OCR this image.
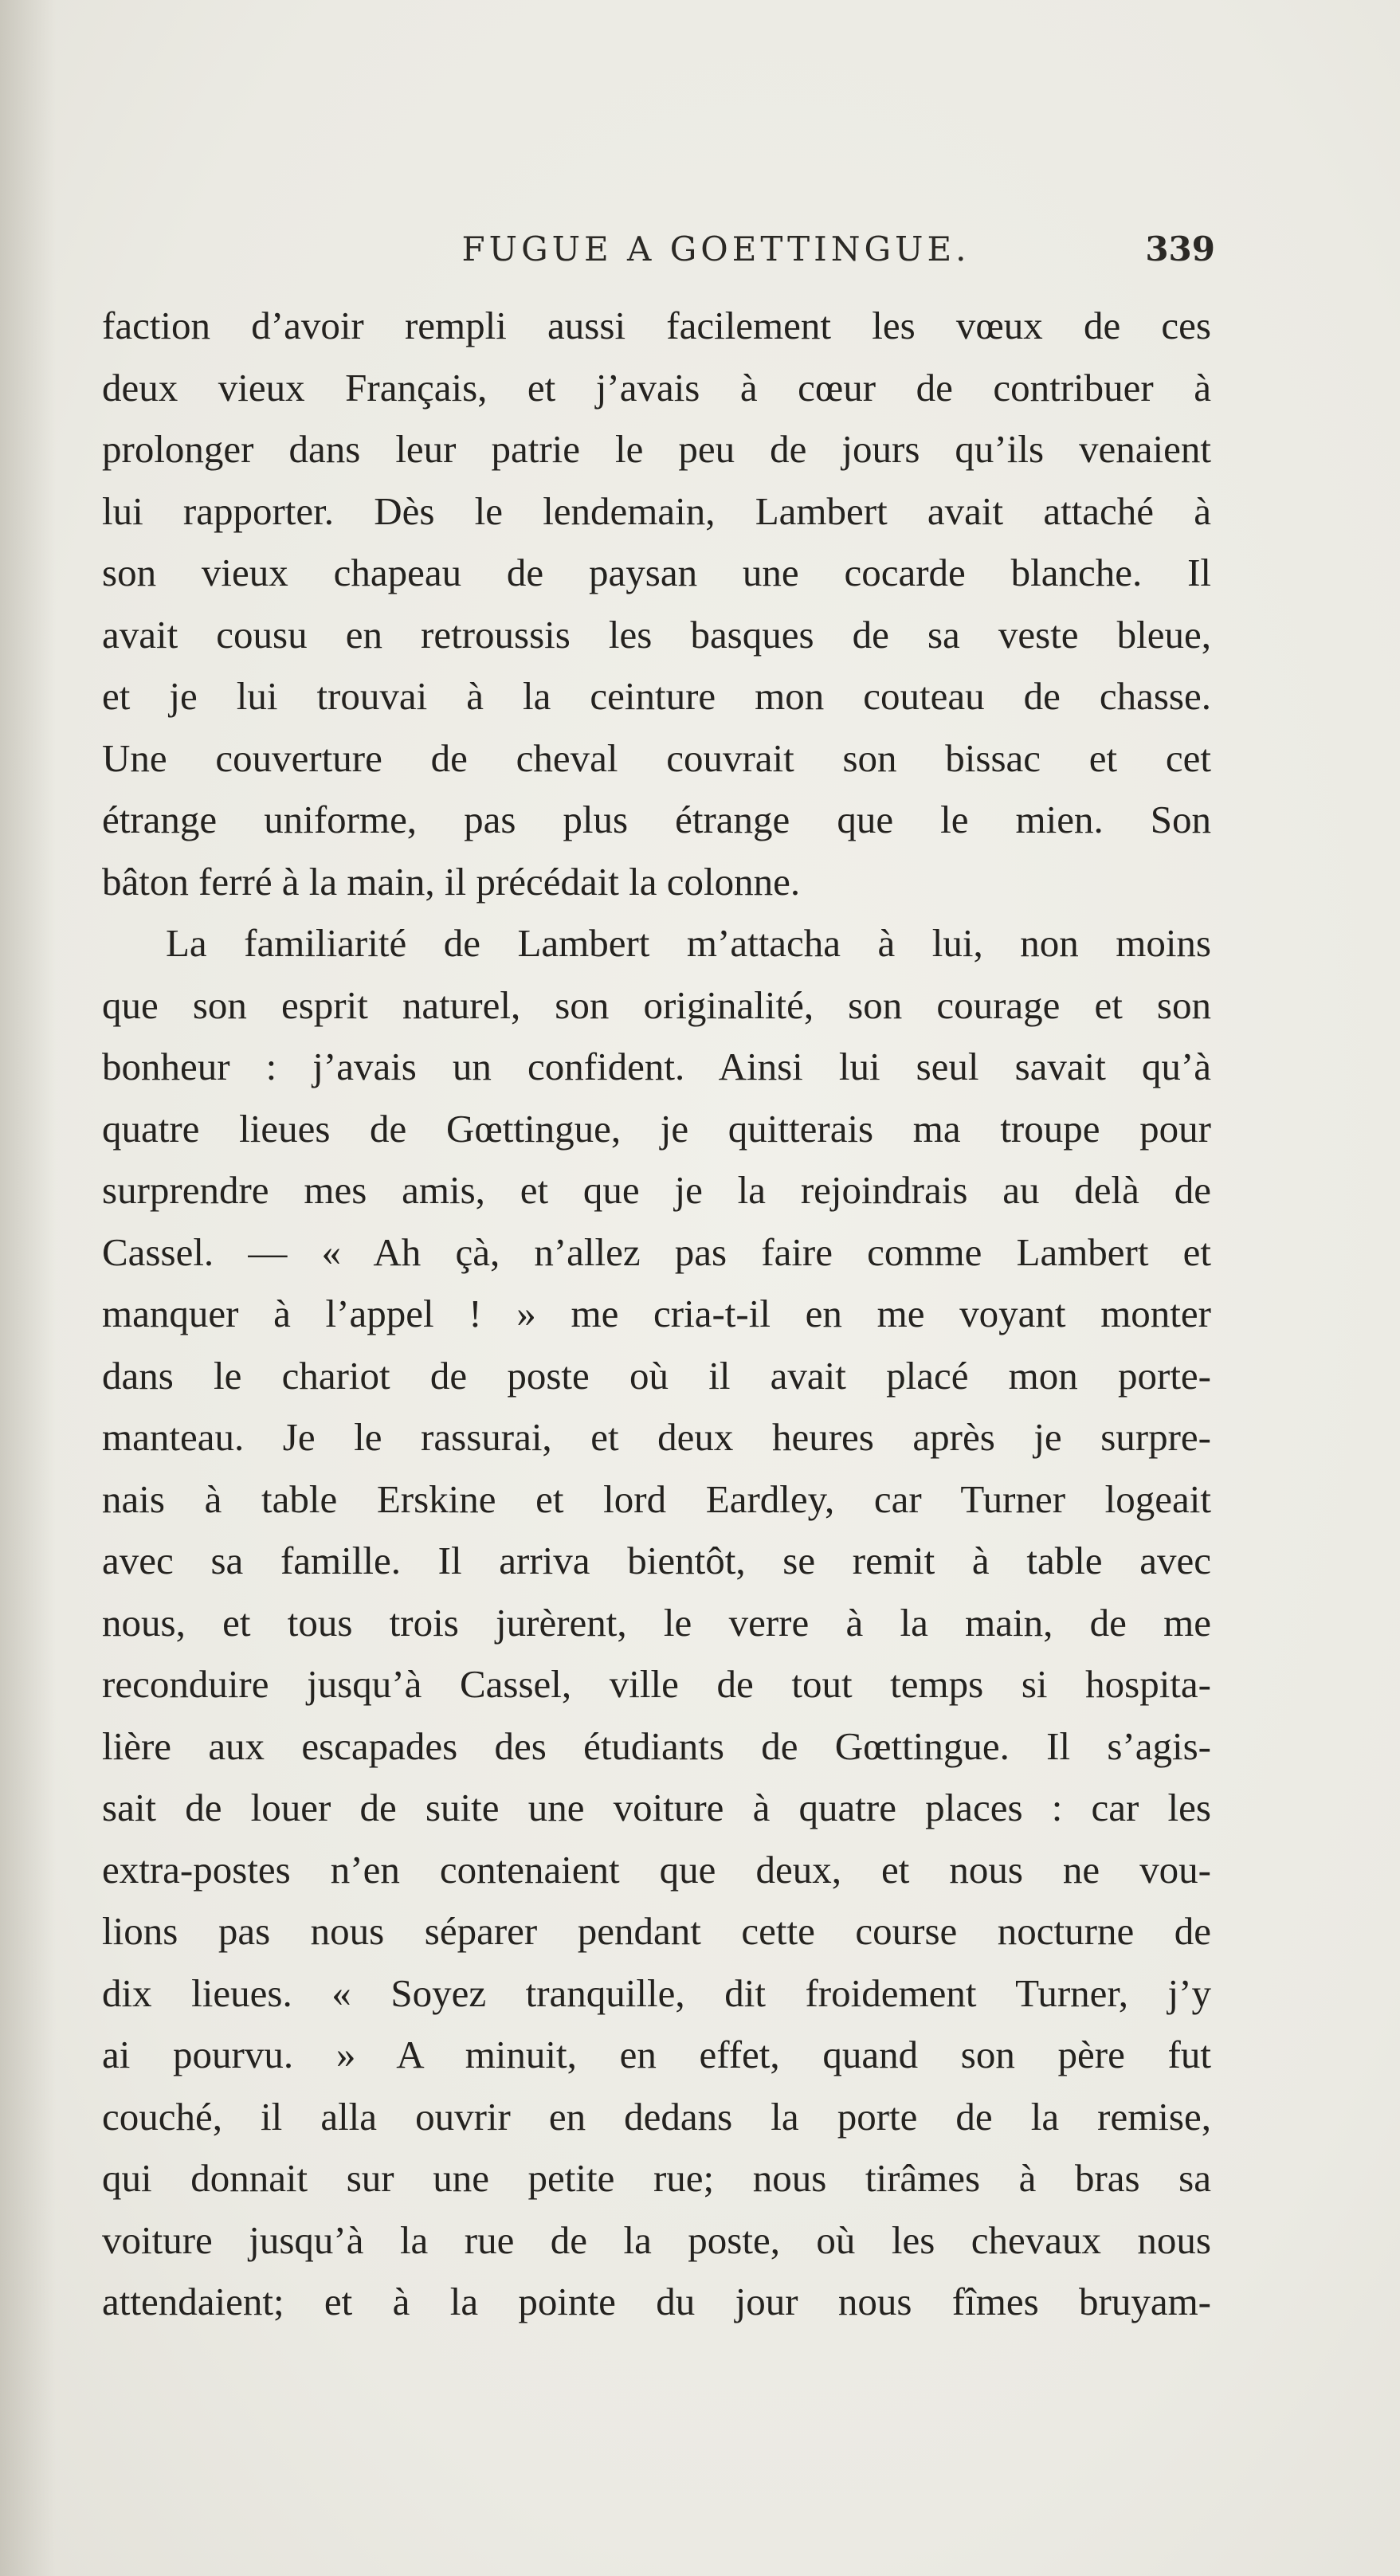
FUGUE A GOETTINGUE.	339
faction d’avoir rempli aussi facilement les vœux de ces
deux vieux Français, et j’avais à cœur de contribuer à
prolonger dans leur patrie le peu de jours qu’ils venaient
lui rapporter. Dès le lendemain, Lambert avait attaché à
son vieux chapeau de paysan une cocarde blanche. Il
avait cousu en retroussis les basques de sa veste bleue,
et je lui trouvai à la ceinture mon couteau de chasse.
Une couverture de cheval couvrait son bissac et cet
étrange uniforme, pas plus étrange que le mien. Son
bâton ferré à la main, il précédait la colonne.
La familiarité de Lambert m’attacha à lui, non moins
que son esprit naturel, son originalité, son courage et son
bonheur : j’avais un confident. Ainsi lui seul savait qu’à
quatre lieues de Gœttingue, je quitterais ma troupe pour
surprendre mes amis, et que je la rejoindrais au delà de
Cassel. — « Ah çà, n’allez pas faire comme Lambert et
manquer à l’appel ! » me cria-t-il en me voyant monter
dans le chariot de poste où il avait placé mon porte-
manteau. Je le rassurai, et deux heures après je surpre-
nais à table Erskine et lord Eardley, car Turner logeait
avec sa famille. Il arriva bientôt, se remit à table avec
nous, et tous trois jurèrent, le verre à la main, de me
reconduire jusqu’à Cassel, ville de tout temps si hospita-
lière aux escapades des étudiants de Gœttingue. Il s’agis-
sait de louer de suite une voiture à quatre places : car les
extra-postes n’en contenaient que deux, et nous ne vou-
lions pas nous séparer pendant cette course nocturne de
dix lieues. « Soyez tranquille, dit froidement Turner, j’y
ai pourvu. » A minuit, en effet, quand son père fut
couché, il alla ouvrir en dedans la porte de la remise,
qui donnait sur une petite rue; nous tirâmes à bras sa
voiture jusqu’à la rue de la poste, où les chevaux nous
attendaient; et à la pointe du jour nous fîmes bruyam-
